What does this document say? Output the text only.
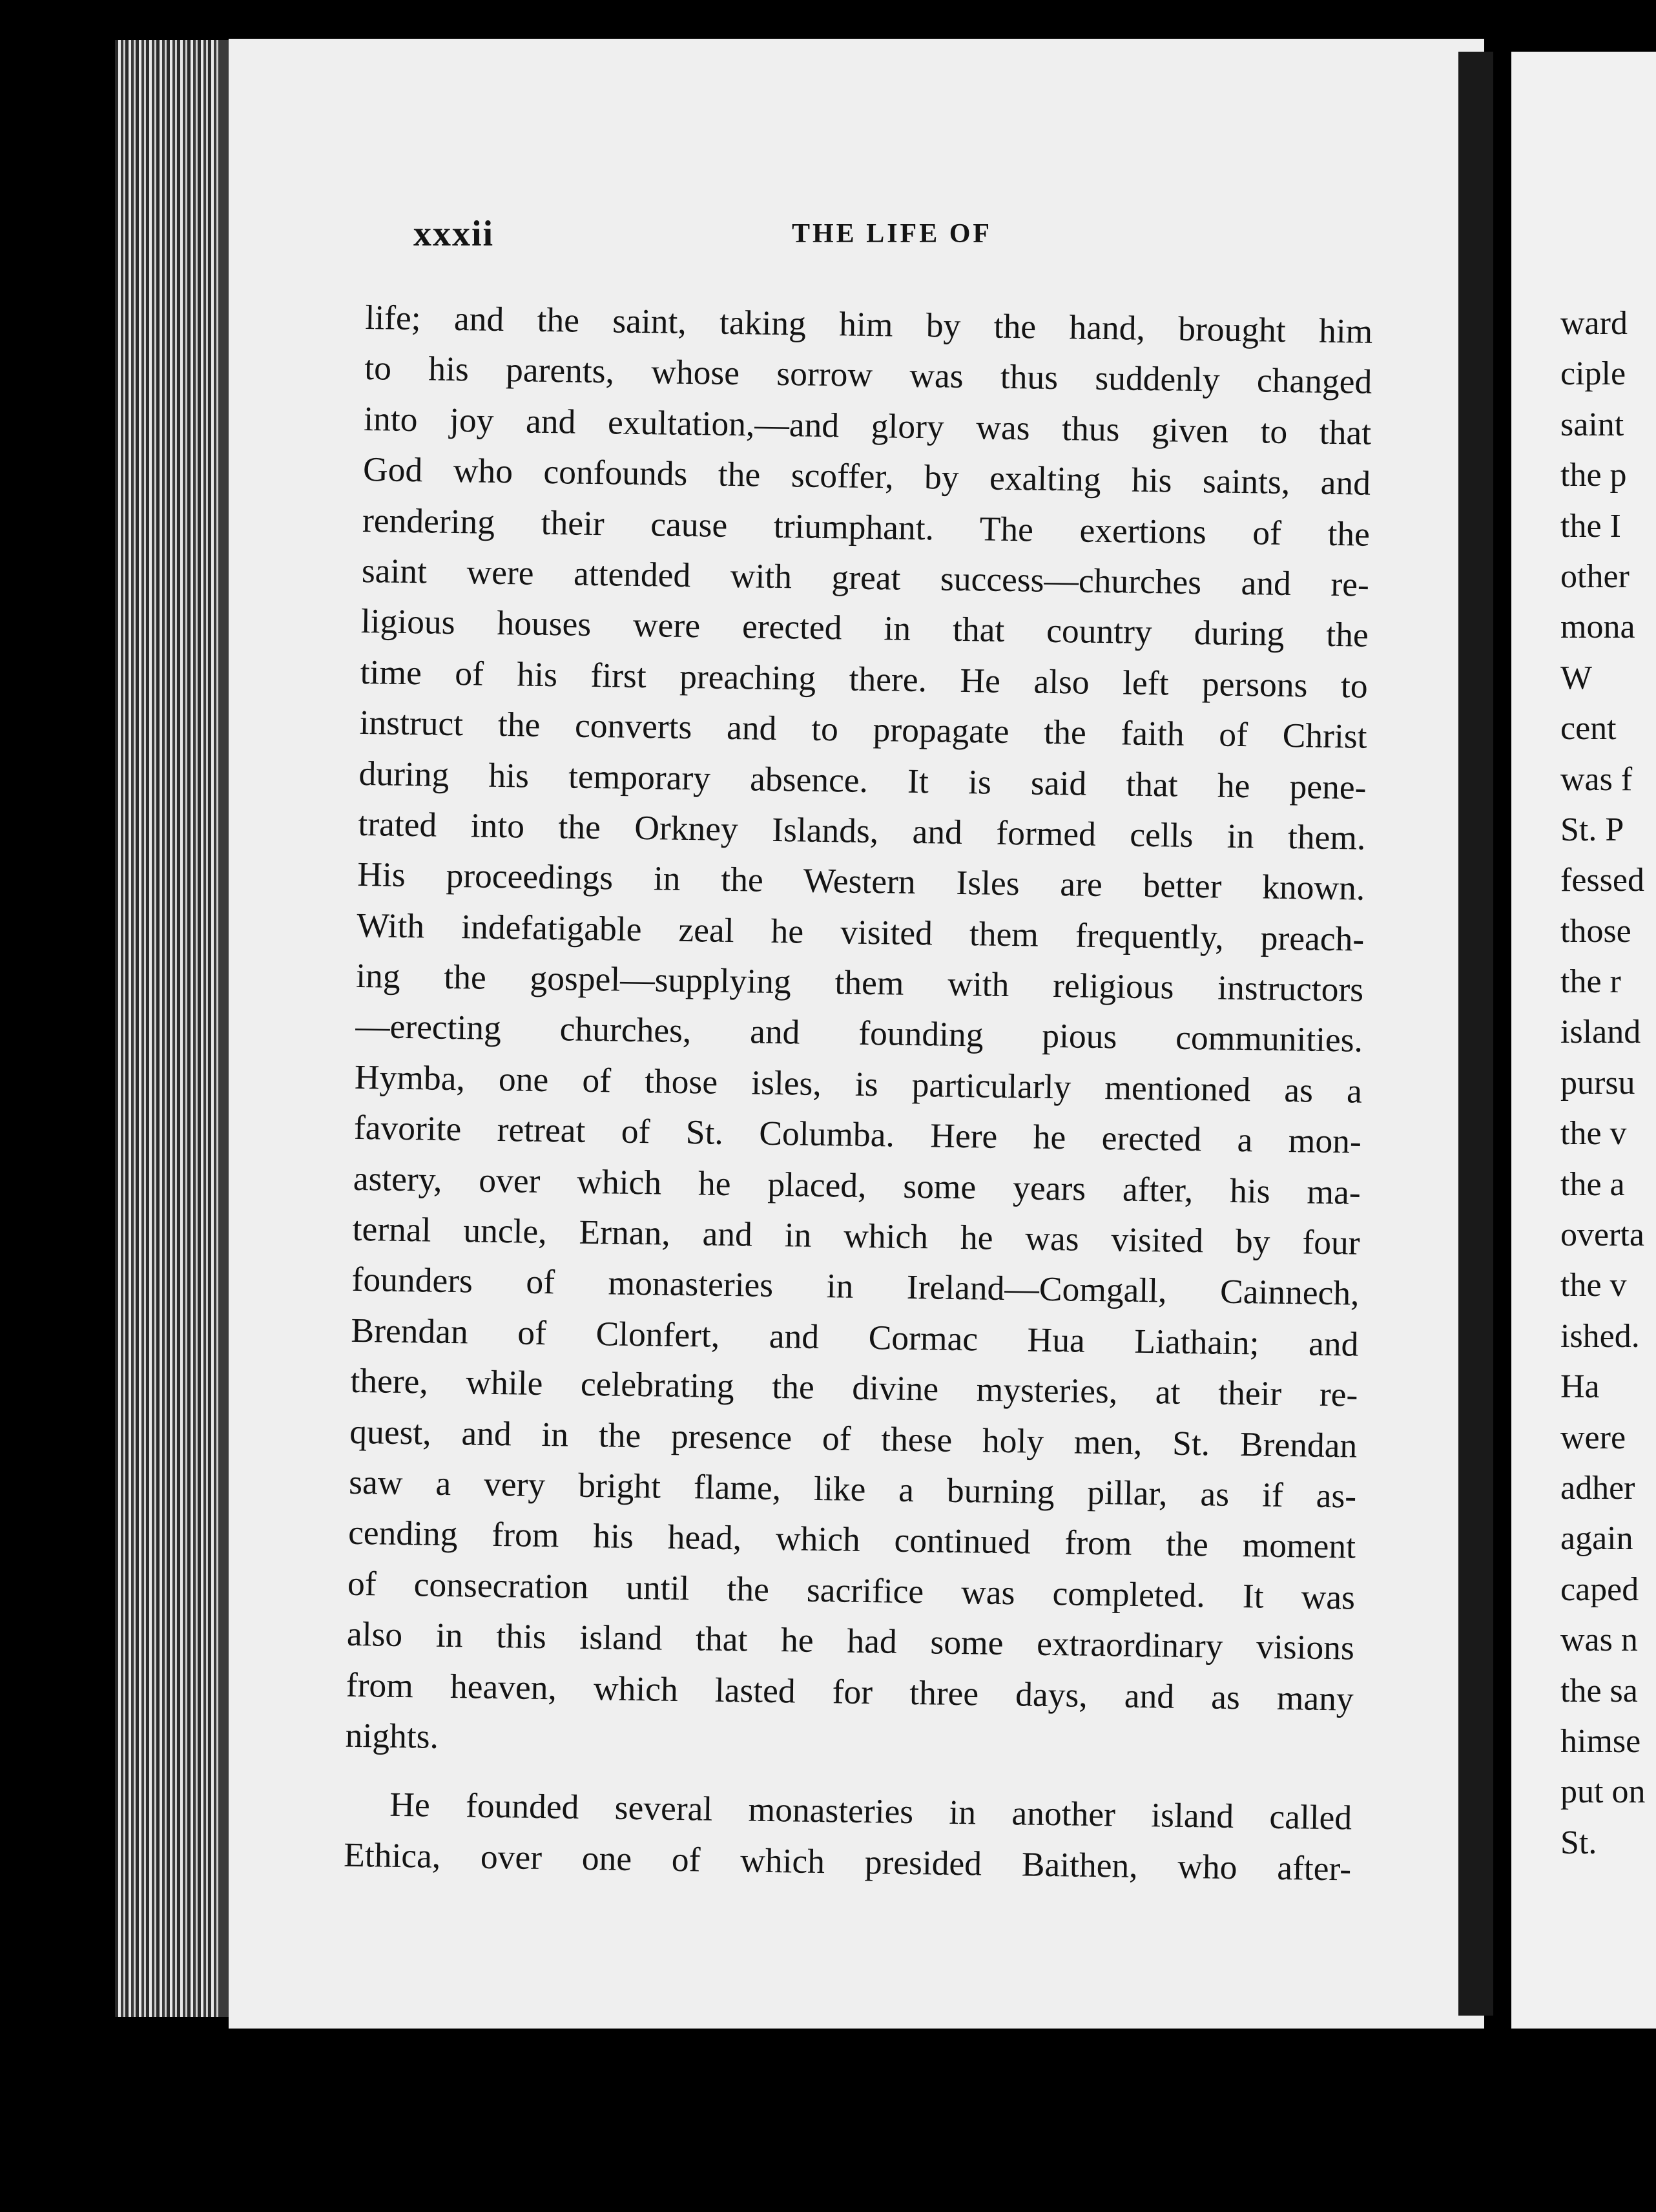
xxxii	THE LIFE OF
life; and the saint, taking him by the hand, brought him
to his parents, whose sorrow was thus suddenly changed
into joy and exultation,—and glory was thus given to that
God who confounds the scoffer, by exalting his saints, and
rendering their cause triumphant. The exertions of the
saint were attended with great success—churches and re-
ligious houses were erected in that country during the
time of his first preaching there. He also left persons to
instruct the converts and to propagate the faith of Christ
during his temporary absence. It is said that he pene-
trated into the Orkney Islands, and formed cells in them.
His proceedings in the Western Isles are better known.
With indefatigable zeal he visited them frequently, preach-
ing the gospel—supplying them with religious instructors
—erecting churches, and founding pious communities.
Hymba, one of those isles, is particularly mentioned as a
favorite retreat of St. Columba. Here he erected a mon-
astery, over which he placed, some years after, his ma-
ternal uncle, Ernan, and in which he was visited by four
founders of monasteries in Ireland—Comgall, Cainnech,
Brendan of Clonfert, and Cormac Hua Liathain; and
there, while celebrating the divine mysteries, at their re-
quest, and in the presence of these holy men, St. Brendan
saw a very bright flame, like a burning pillar, as if as-
cending from his head, which continued from the moment
of consecration until the sacrifice was completed. It was
also in this island that he had some extraordinary visions
from heaven, which lasted for three days, and as many
nights.
He founded several monasteries in another island called
Ethica, over one of which presided Baithen, who after-
ward
ciple
saint
the p
the I
other
mona
W
cent
was f
St. P
fessed
those
the r
island
pursu
the v
the a
overta
the v
ished.
Ha
were
adher
again
caped
was n
the sa
himse
put on
St.
